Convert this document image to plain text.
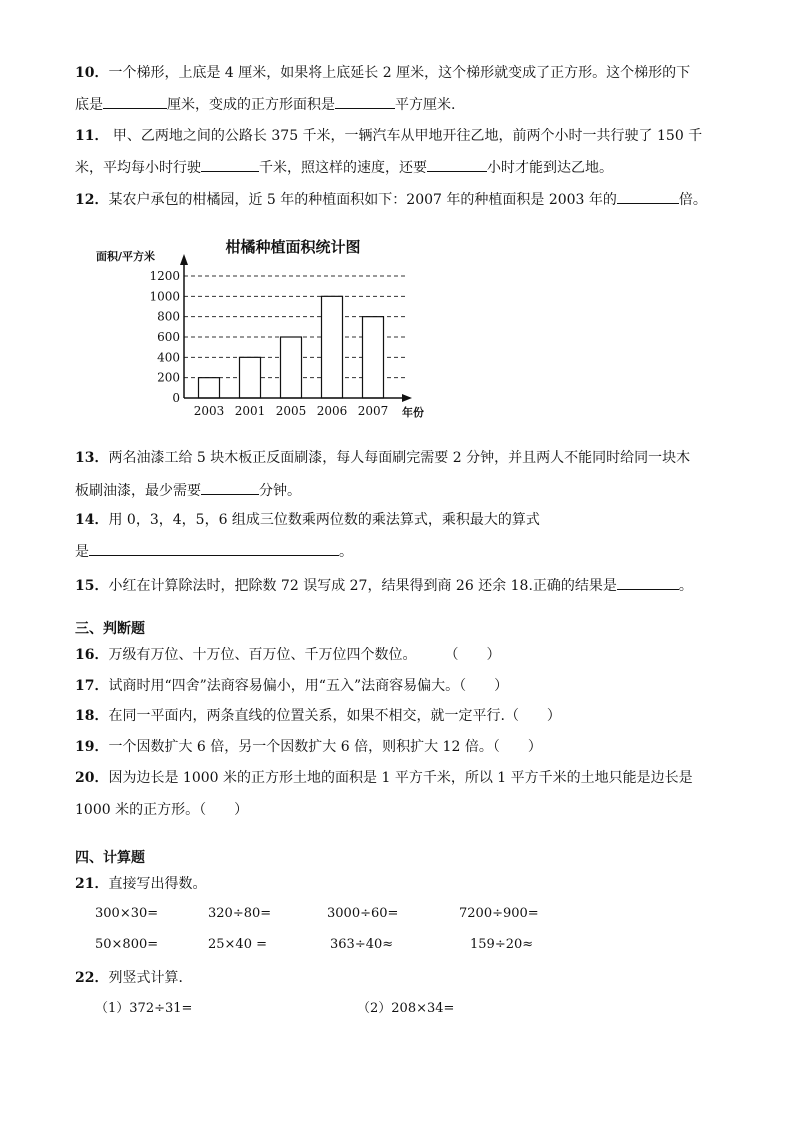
10．一个梯形，上底是 4 厘米，如果将上底延长 2 厘米，这个梯形就变成了正方形。这个梯形的下
底是	厘米，变成的正方形面积是	平方厘米.
11． 甲、乙两地之间的公路长 375 千米，一辆汽车从甲地开往乙地，前两个小时一共行驶了 150 千
米，平均每小时行驶	千米，照这样的速度，还要	小时才能到达乙地。
12．某农户承包的柑橘园，近 5 年的种植面积如下：2007 年的种植面积是 2003 年的	倍。
柑橘种植面积统计图
面积/平方米
年份
0
200
400
600
800
1000
1200
2003 2001 2005 2006 2007
13．两名油漆工给 5 块木板正反面刷漆，每人每面刷完需要 2 分钟，并且两人不能同时给同一块木
板刷油漆，最少需要	分钟。
14．用 0，3，4，5，6 组成三位数乘两位数的乘法算式，乘积最大的算式
是	。
15．小红在计算除法时，把除数 72 误写成 27，结果得到商 26 还余 18.正确的结果是	。
三、判断题
16．万级有万位、十万位、百万位、千万位四个数位。 （　　）
17．试商时用“四舍”法商容易偏小，用“五入”法商容易偏大。（　　）
18．在同一平面内，两条直线的位置关系，如果不相交，就一定平行.（　　）
19．一个因数扩大 6 倍，另一个因数扩大 6 倍，则积扩大 12 倍。（　　）
20．因为边长是 1000 米的正方形土地的面积是 1 平方千米，所以 1 平方千米的土地只能是边长是
1000 米的正方形。（　　）
四、计算题
21．直接写出得数。
300×30=	320÷80=	3000÷60=	7200÷900=
50×800=	25×40 =	363÷40≈	159÷20≈
22．列竖式计算．
（1）372÷31=	（2）208×34=
